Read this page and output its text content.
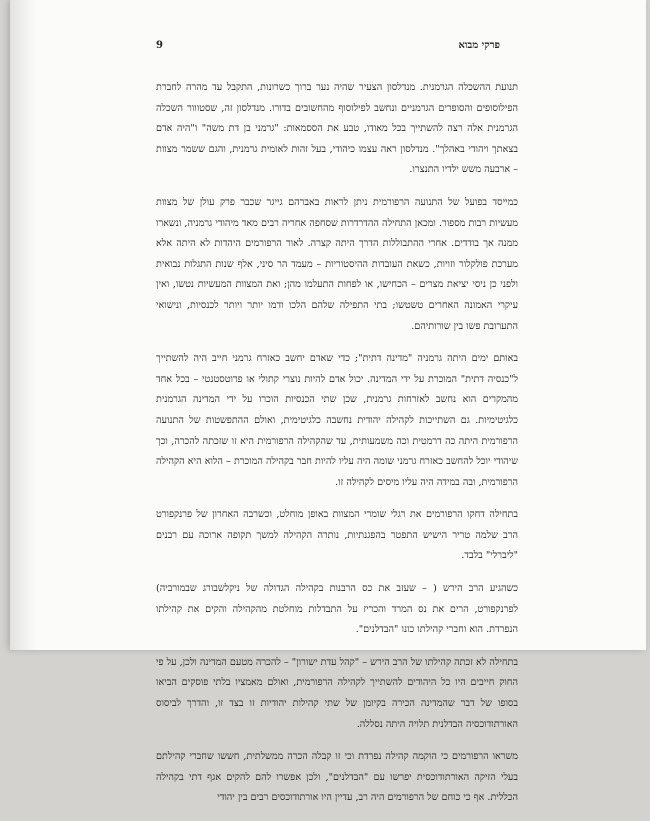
9	פרקי מבוא

תנועת ההשכלה הגרמנית. מנדלסון הצעיר שהיה נער ברוך כשרונות, התקבל עד מהרה לחברת הפילוסופים והסופרים הגרמניים ונחשב לפילוסוף מהחשובים בדורו. מנדלסון זה, שסטווור השכלה הגרמנית אלה רצה להשתייך בכל מאודו, טבע את הססמאות: "גרמני בן דת משה" ו"היה אדם בצאתך ויהודי באהלך". מנדלסון ראה עצמו כיהודי, בעל זהות לאומית גרמנית, והגם ששמר מצוות – ארבעה משש ילדיו התנצרו.

כמייסד בפועל של התנועה הרפורמית ניתן לראות באברהם גייגר שכבר פרק עולן של מצוות מעשיות רבות מספור. ומכאן התחילה ההדרדרות שסחפה אחריה רבים מאד מיהודי גרמניה, ונשארו ממנה אך בודדים. אחרי ההתבוללות הדרך היתה קצרה. לאור הרפורמים היהדות לא היתה אלא מערכת פולקלור וזויות, כשאת העובדות ההיסטוריות – מעמד הר סיני, אלף שנות התגלות נבואית ולפני כן ניסי יציאת מצרים – הכחישו, או לפחות התעלמו מהן; ואת המצוות המעשיות נטשו, ואין עיקרי האמונה האחרים טשטשו; בתי התפילה שלהם הלכו ודמו יותר ויותר לכנסיות, ונישואי התערובת פשו בין שורותיהם.

באותם ימים היתה גרמניה "מדינה דתית"; כדי שאדם יחשב כאזרח גרמני חייב היה להשתייך ל"כנסיה דתית" המוכרת על ידי המדינה. יכול אדם להיות נוצרי קתולי או פרוטסטנטי – בכל אחד מהמקרים הוא נחשב לאזרחות גרמנית, שכן שתי הכנסיות הוכרו על ידי המדינה הגרמנית כלגיטימיות. גם השתייכות לקהילה יהודית נחשבה כלגיטימית, ואולם ההתפשטות של התנועה הרפורמית היתה כה דרמטית וכה משמעותית, עד שהקהילה הרפורמית היא זו שזכתה להכרה, וכך שיהודי יוכל להחשב כאזרח גרמני שומה היה עליו להיות חבר בקהילה המוכרת – הלוא היא הקהילה הרפורמית, ובה במידה היה עליו מיסים לקהילה זו.

בתחילה דחקו הרפורמים את רגלי שומרי המצוות באופן מוחלט, וכשרבה האחרון של פרנקפורט הרב שלמה טריר הישיש התפטר בהפגנתיות, נותרה הקהילה למשך תקופה ארוכה עם רבנים "ליברלי" בלבד.

כשהגיע הרב הירש ( – שעזב את כס הרבנות בקהילה הגדולה של ניקלשבורג שבמורביה) לפרנקפורט, הרים את נס המרד והכריז על התבדלות מוחלטת מהקהילה והקים את קהילתו הנפרדת. הוא וחברי קהילתו כונו "הבדלנים".

בתחילה לא זכתה קהילתו של הרב הירש – "קהל עדת ישורון" – להכרה מטעם המדינה ולכן, על פי החוק חייבים היו כל היהודים להשתייך לקהילה הרפורמית, ואולם מאמציו בלתי פוסקים הביאו בסופו של דבר שהמדינה הכירה בקיומן של שתי קהילות יהודיות זו בצד זו, והדרך לביסוס האורתודוכסיה הבדלנית תלויה היתה נסללה.

משראו הרפורמים כי הוקמה קהילה נפרדת וכי זו קבלה הכרה ממשלתית, חששו שחברי קהילתם בעלי הזיקה האורתודוכסית יפרשו עם "הבדלנים", ולכן אפשרו להם להקים אגף דתי בקהילה הכללית. אף כי כוחם של הרפורמים היה רב, עדיין היו אורתודוכסים רבים בין יהודי
